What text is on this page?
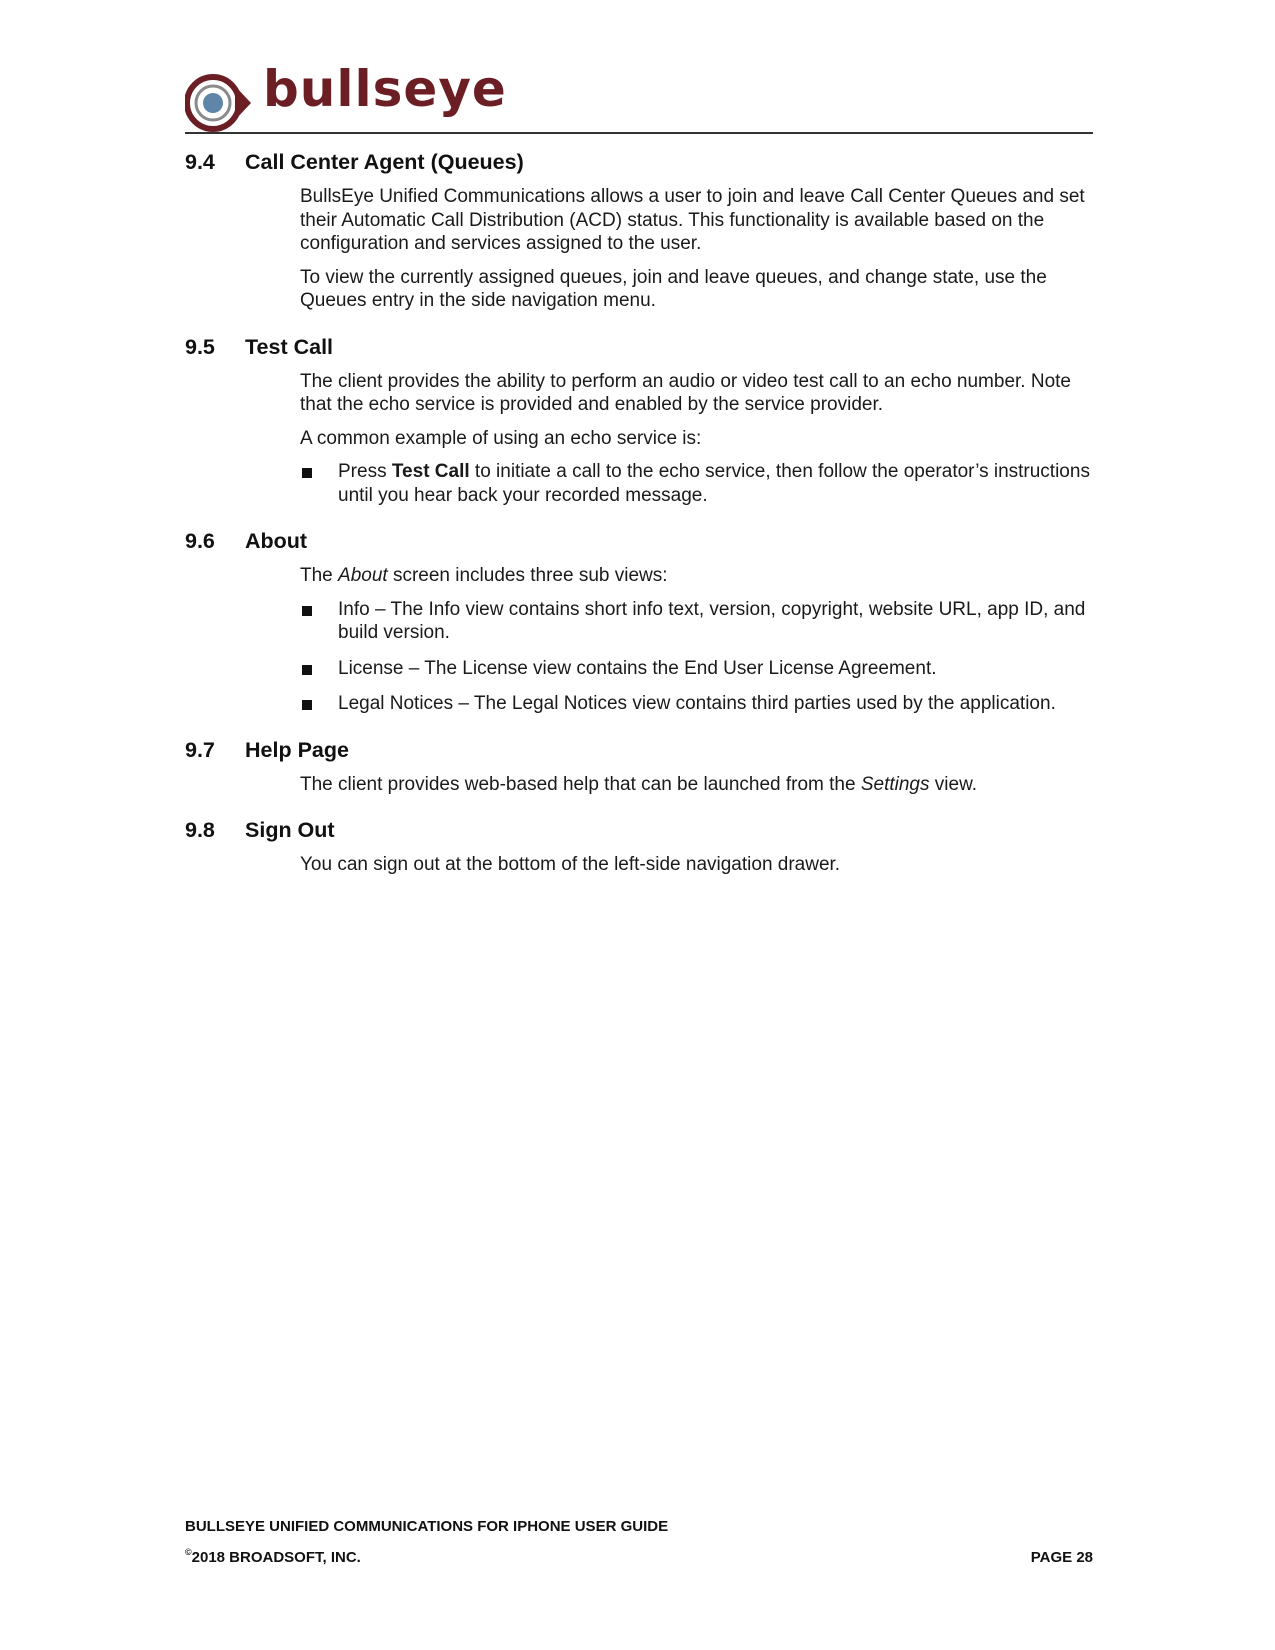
bullseye
9.4	Call Center Agent (Queues)

BullsEye Unified Communications allows a user to join and leave Call Center Queues and set their Automatic Call Distribution (ACD) status. This functionality is available based on the configuration and services assigned to the user.

To view the currently assigned queues, join and leave queues, and change state, use the Queues entry in the side navigation menu.

9.5	Test Call

The client provides the ability to perform an audio or video test call to an echo number. Note that the echo service is provided and enabled by the service provider.

A common example of using an echo service is:

Press Test Call to initiate a call to the echo service, then follow the operator’s instructions until you hear back your recorded message.
9.6	About

The About screen includes three sub views:

Info – The Info view contains short info text, version, copyright, website URL, app ID, and build version.
License – The License view contains the End User License Agreement.
Legal Notices – The Legal Notices view contains third parties used by the application.
9.7	Help Page

The client provides web-based help that can be launched from the Settings view.

9.8	Sign Out

You can sign out at the bottom of the left-side navigation drawer.

BULLSEYE UNIFIED COMMUNICATIONS FOR IPHONE USER GUIDE
©2018 BROADSOFT, INC.	PAGE 28
